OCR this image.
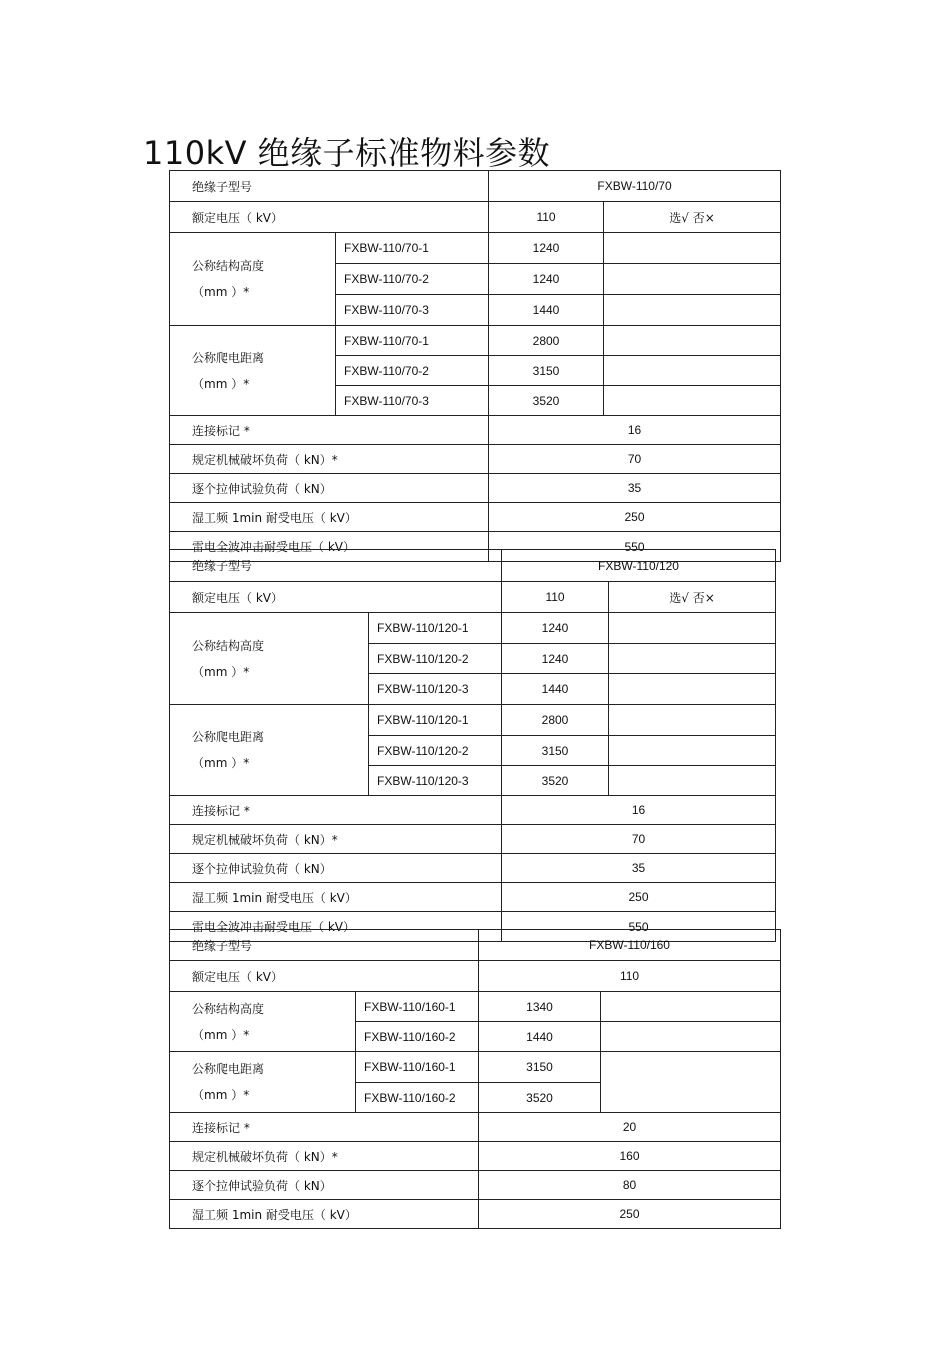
110kV 绝缘子标准物料参数
绝缘子型号		FXBW-110/70	
额定电压（ kV）		110	选√ 否×

公称结构高度
（mm ）*	FXBW-110/70-1	1240	
	FXBW-110/70-2	1240	
	FXBW-110/70-3	1440	

公称爬电距离
（mm ）*	FXBW-110/70-1	2800	
	FXBW-110/70-2	3150	
	FXBW-110/70-3	3520	
连接标记 *		16	
规定机械破坏负荷（ kN）*		70	
逐个拉伸试验负荷（ kN）		35	
湿工频 1min 耐受电压（ kV）		250	
雷电全波冲击耐受电压（ kV）		550	
绝缘子型号		FXBW-110/120	
额定电压（ kV）		110	选√ 否×

公称结构高度
（mm ）*	FXBW-110/120-1	1240	
	FXBW-110/120-2	1240	
	FXBW-110/120-3	1440	

公称爬电距离
（mm ）*	FXBW-110/120-1	2800	
	FXBW-110/120-2	3150	
	FXBW-110/120-3	3520	
连接标记 *		16	
规定机械破坏负荷（ kN）*		70	
逐个拉伸试验负荷（ kN）		35	
湿工频 1min 耐受电压（ kV）		250	
雷电全波冲击耐受电压（ kV）		550	
绝缘子型号		FXBW-110/160	
额定电压（ kV）		110	

公称结构高度
（mm ）*	FXBW-110/160-1	1340	
	FXBW-110/160-2	1440	

公称爬电距离
（mm ）*	FXBW-110/160-1	3150	
	FXBW-110/160-2	3520	
连接标记 *		20	
规定机械破坏负荷（ kN）*		160	
逐个拉伸试验负荷（ kN）		80	
湿工频 1min 耐受电压（ kV）		250	
